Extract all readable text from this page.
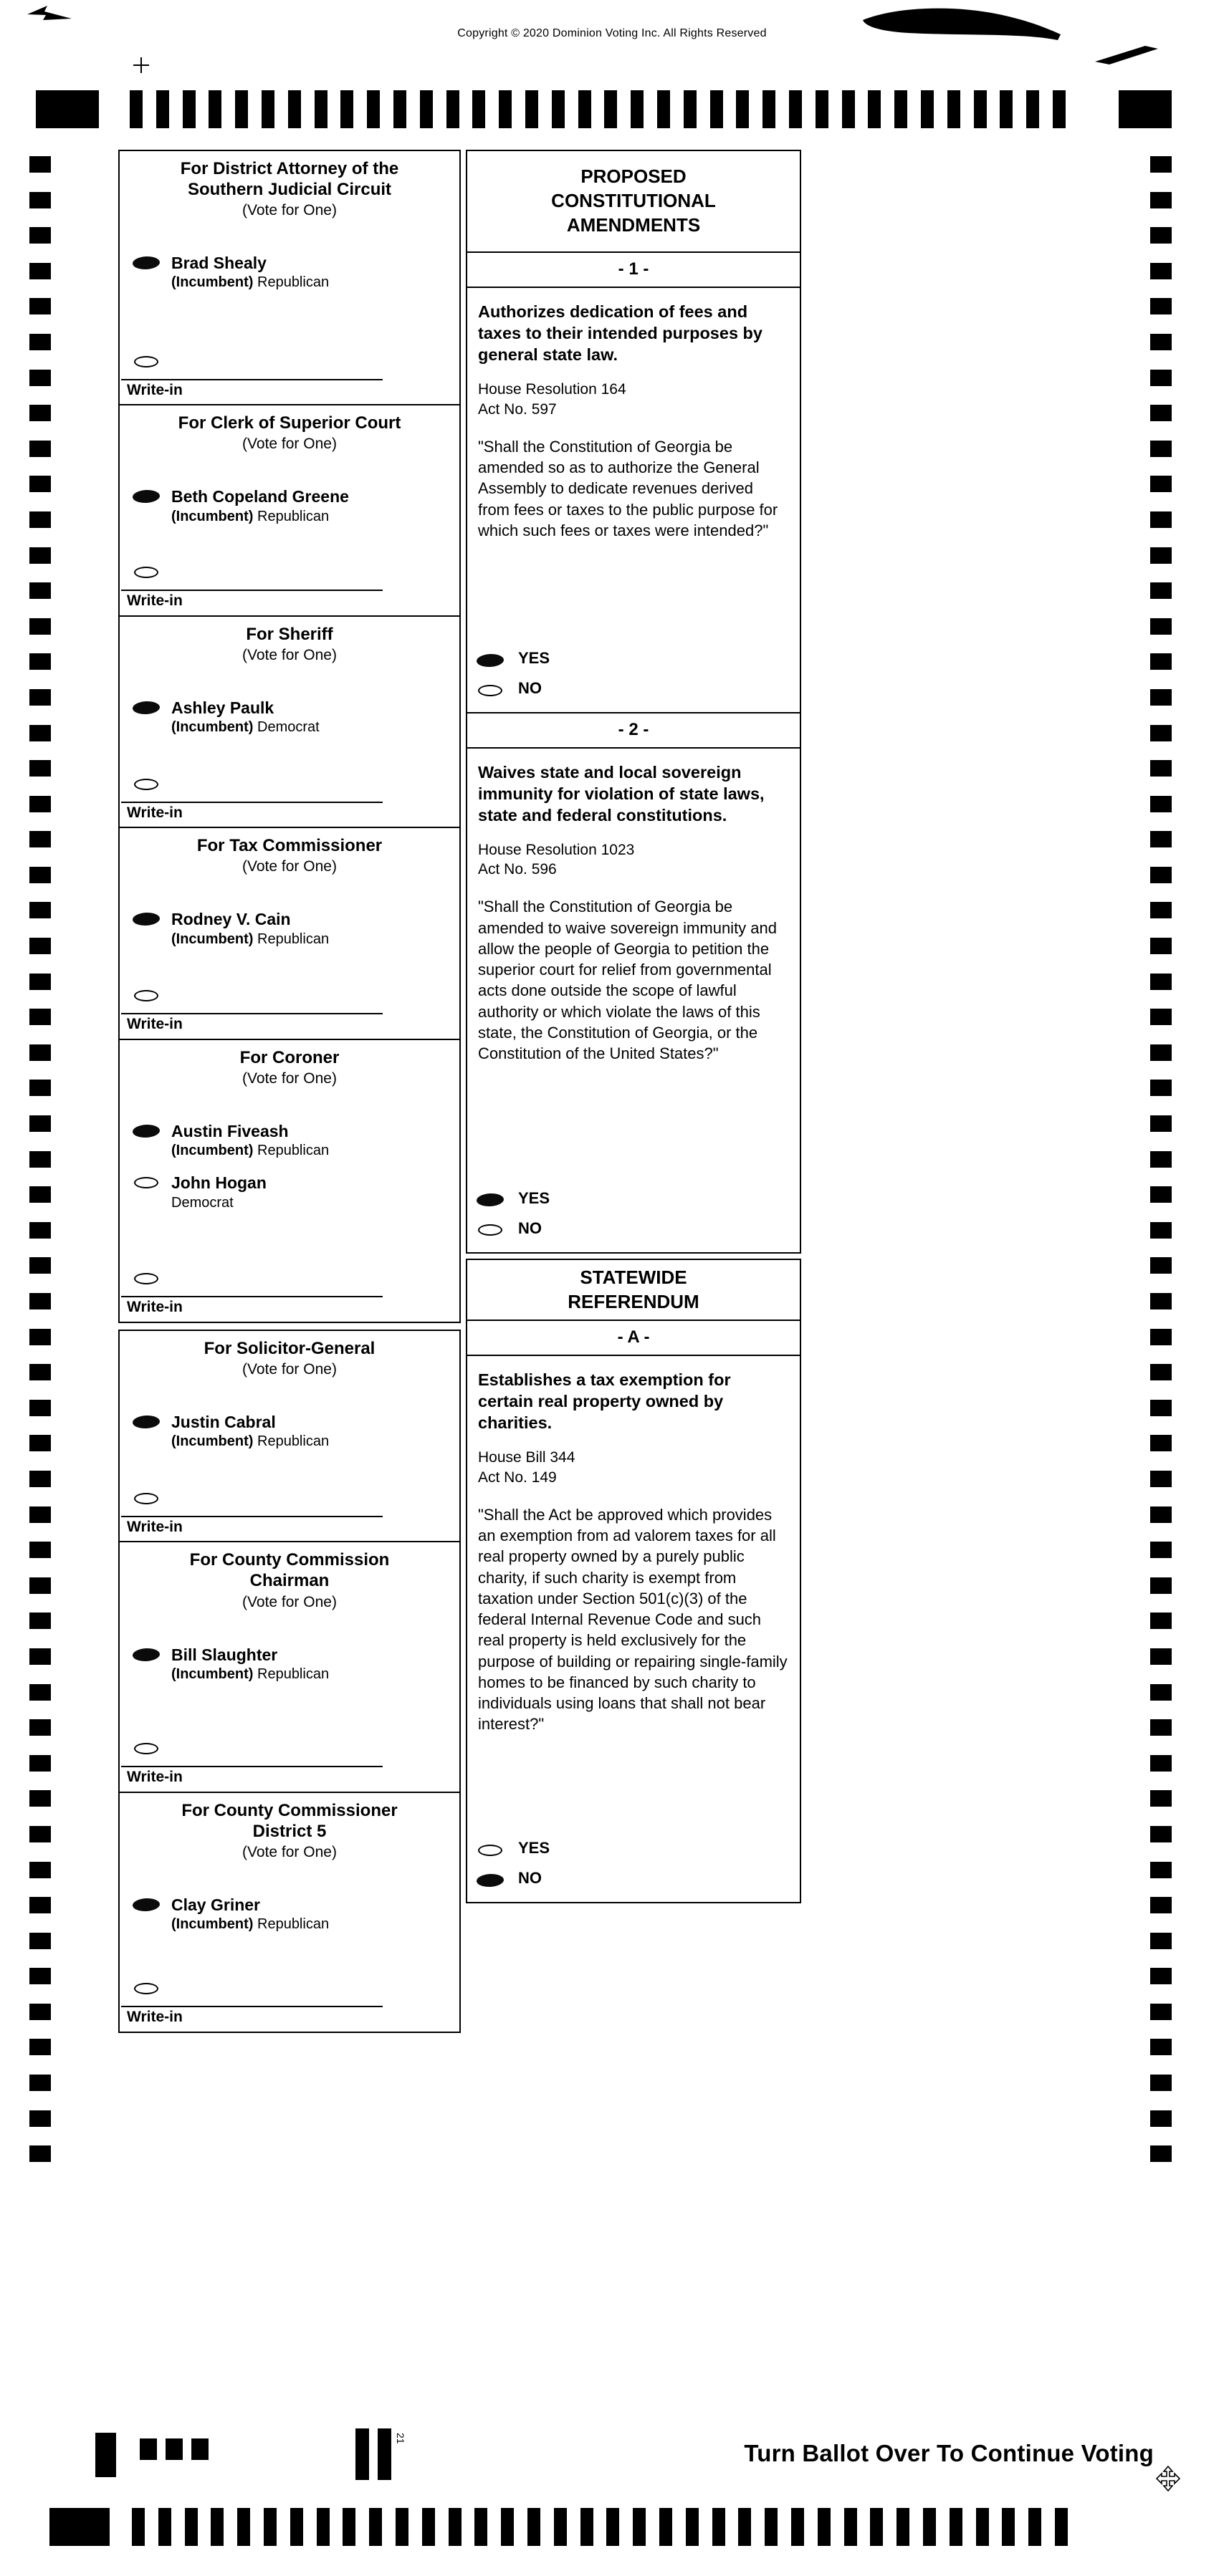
Copyright © 2020 Dominion Voting Inc. All Rights Reserved
For District Attorney of the
Southern Judicial Circuit
(Vote for One)
Brad Shealy
(Incumbent) Republican
Write-in
For Clerk of Superior Court
(Vote for One)
Beth Copeland Greene
(Incumbent) Republican
Write-in
For Sheriff
(Vote for One)
Ashley Paulk
(Incumbent) Democrat
Write-in
For Tax Commissioner
(Vote for One)
Rodney V. Cain
(Incumbent) Republican
Write-in
For Coroner
(Vote for One)
Austin Fiveash
(Incumbent) Republican
John Hogan
Democrat
Write-in
For Solicitor-General
(Vote for One)
Justin Cabral
(Incumbent) Republican
Write-in
For County Commission
Chairman
(Vote for One)
Bill Slaughter
(Incumbent) Republican
Write-in
For County Commissioner
District 5
(Vote for One)
Clay Griner
(Incumbent) Republican
Write-in
PROPOSED
CONSTITUTIONAL
AMENDMENTS
- 1 -

Authorizes dedication of fees and taxes to their intended purposes by general state law.

House Resolution 164
Act No. 597

"Shall the Constitution of Georgia be amended so as to authorize the General Assembly to dedicate revenues derived from fees or taxes to the public purpose for which such fees or taxes were intended?"

YES
NO
- 2 -

Waives state and local sovereign immunity for violation of state laws, state and federal constitutions.

House Resolution 1023
Act No. 596

"Shall the Constitution of Georgia be amended to waive sovereign immunity and allow the people of Georgia to petition the superior court for relief from governmental acts done outside the scope of lawful authority or which violate the laws of this state, the Constitution of Georgia, or the Constitution of the United States?"

YES
NO
STATEWIDE
REFERENDUM
- A -

Establishes a tax exemption for certain real property owned by charities.

House Bill 344
Act No. 149

"Shall the Act be approved which provides an exemption from ad valorem taxes for all real property owned by a purely public charity, if such charity is exempt from taxation under Section 501(c)(3) of the federal Internal Revenue Code and such real property is held exclusively for the purpose of building or repairing single-family homes to be financed by such charity to individuals using loans that shall not bear interest?"

YES
NO
21
Turn Ballot Over To Continue Voting
